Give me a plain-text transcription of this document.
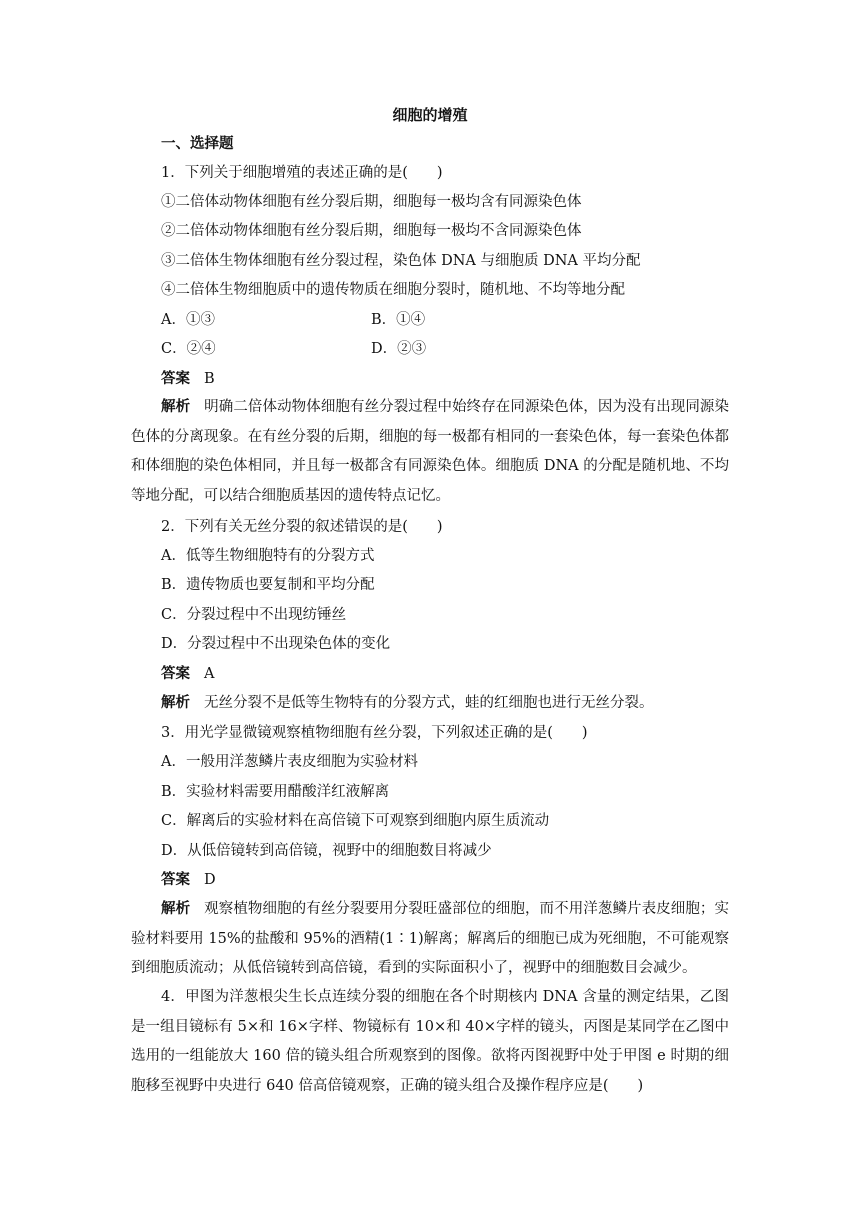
细胞的增殖
一、选择题
1．下列关于细胞增殖的表述正确的是(　　)
①二倍体动物体细胞有丝分裂后期，细胞每一极均含有同源染色体
②二倍体动物体细胞有丝分裂后期，细胞每一极均不含同源染色体
③二倍体生物体细胞有丝分裂过程，染色体 DNA 与细胞质 DNA 平均分配
④二倍体生物细胞质中的遗传物质在细胞分裂时，随机地、不均等地分配
A．①③	B．①④
C．②④	D．②③
答案 B
解析 明确二倍体动物体细胞有丝分裂过程中始终存在同源染色体，因为没有出现同源染色体的分离现象。在有丝分裂的后期，细胞的每一极都有相同的一套染色体，每一套染色体都和体细胞的染色体相同，并且每一极都含有同源染色体。细胞质 DNA 的分配是随机地、不均等地分配，可以结合细胞质基因的遗传特点记忆。
2．下列有关无丝分裂的叙述错误的是(　　)
A．低等生物细胞特有的分裂方式
B．遗传物质也要复制和平均分配
C．分裂过程中不出现纺锤丝
D．分裂过程中不出现染色体的变化
答案 A
解析 无丝分裂不是低等生物特有的分裂方式，蛙的红细胞也进行无丝分裂。
3．用光学显微镜观察植物细胞有丝分裂，下列叙述正确的是(　　)
A．一般用洋葱鳞片表皮细胞为实验材料
B．实验材料需要用醋酸洋红液解离
C．解离后的实验材料在高倍镜下可观察到细胞内原生质流动
D．从低倍镜转到高倍镜，视野中的细胞数目将减少
答案 D
解析 观察植物细胞的有丝分裂要用分裂旺盛部位的细胞，而不用洋葱鳞片表皮细胞；实验材料要用 15%的盐酸和 95%的酒精(1∶1)解离；解离后的细胞已成为死细胞，不可能观察到细胞质流动；从低倍镜转到高倍镜，看到的实际面积小了，视野中的细胞数目会减少。
4．甲图为洋葱根尖生长点连续分裂的细胞在各个时期核内 DNA 含量的测定结果，乙图是一组目镜标有 5×和 16×字样、物镜标有 10×和 40×字样的镜头，丙图是某同学在乙图中选用的一组能放大 160 倍的镜头组合所观察到的图像。欲将丙图视野中处于甲图 e 时期的细胞移至视野中央进行 640 倍高倍镜观察，正确的镜头组合及操作程序应是(　　)
